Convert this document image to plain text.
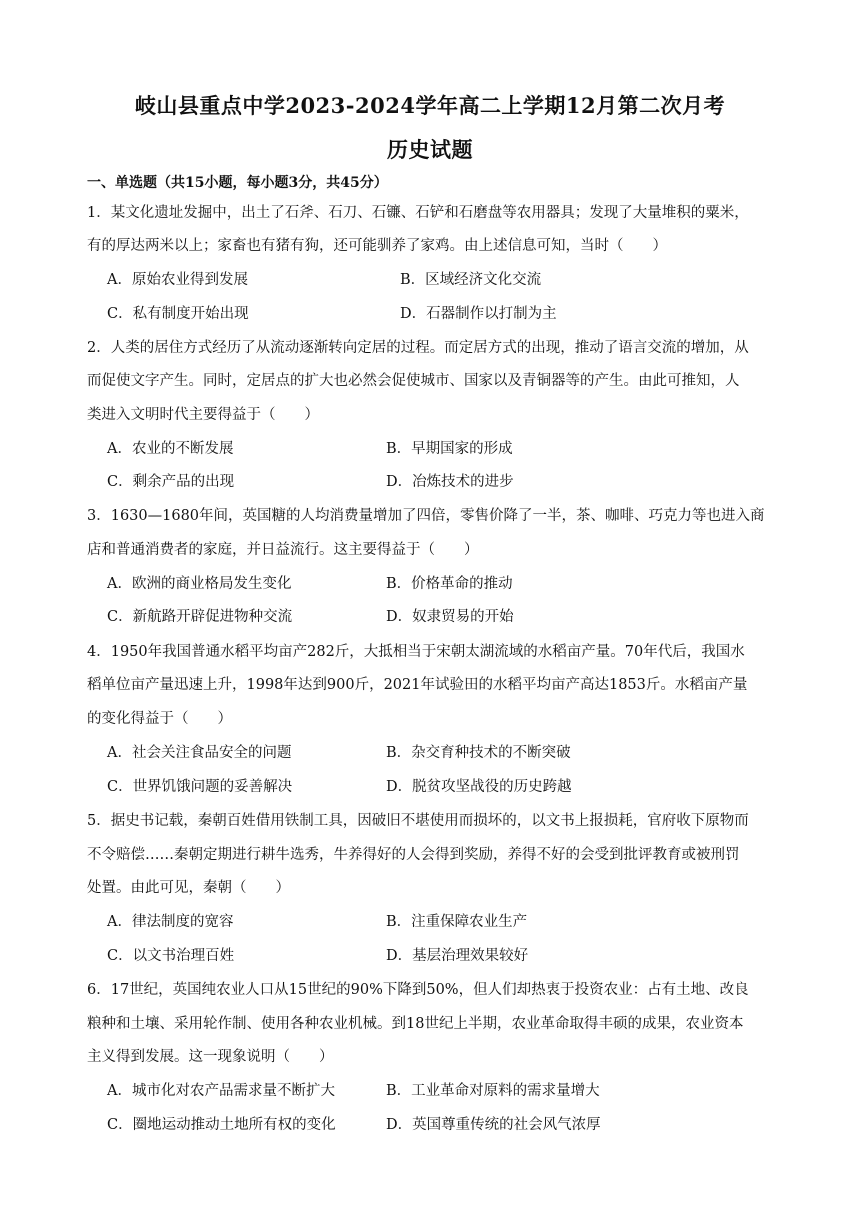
岐山县重点中学2023-2024学年高二上学期12月第二次月考
历史试题
一、单选题（共15小题，每小题3分，共45分）
1．某文化遗址发掘中，出土了石斧、石刀、石镰、石铲和石磨盘等农用器具；发现了大量堆积的粟米，
有的厚达两米以上；家畜也有猪有狗，还可能驯养了家鸡。由上述信息可知，当时（　　）
A．原始农业得到发展	B．区域经济文化交流
C．私有制度开始出现	D．石器制作以打制为主
2．人类的居住方式经历了从流动逐渐转向定居的过程。而定居方式的出现，推动了语言交流的增加，从
而促使文字产生。同时，定居点的扩大也必然会促使城市、国家以及青铜器等的产生。由此可推知，人
类进入文明时代主要得益于（　　）
A．农业的不断发展	B．早期国家的形成
C．剩余产品的出现	D．冶炼技术的进步
3．1630—1680年间，英国糖的人均消费量增加了四倍，零售价降了一半，茶、咖啡、巧克力等也进入商
店和普通消费者的家庭，并日益流行。这主要得益于（　　）
A．欧洲的商业格局发生变化	B．价格革命的推动
C．新航路开辟促进物种交流	D．奴隶贸易的开始
4．1950年我国普通水稻平均亩产282斤，大抵相当于宋朝太湖流域的水稻亩产量。70年代后，我国水
稻单位亩产量迅速上升，1998年达到900斤，2021年试验田的水稻平均亩产高达1853斤。水稻亩产量
的变化得益于（　　）
A．社会关注食品安全的问题	B．杂交育种技术的不断突破
C．世界饥饿问题的妥善解决	D．脱贫攻坚战役的历史跨越
5．据史书记载，秦朝百姓借用铁制工具，因破旧不堪使用而损坏的，以文书上报损耗，官府收下原物而
不令赔偿……秦朝定期进行耕牛选秀，牛养得好的人会得到奖励，养得不好的会受到批评教育或被刑罚
处置。由此可见，秦朝（　　）
A．律法制度的宽容	B．注重保障农业生产
C．以文书治理百姓	D．基层治理效果较好
6．17世纪，英国纯农业人口从15世纪的90%下降到50%，但人们却热衷于投资农业：占有土地、改良
粮种和土壤、采用轮作制、使用各种农业机械。到18世纪上半期，农业革命取得丰硕的成果，农业资本
主义得到发展。这一现象说明（　　）
A．城市化对农产品需求量不断扩大	B．工业革命对原料的需求量增大
C．圈地运动推动土地所有权的变化	D．英国尊重传统的社会风气浓厚
